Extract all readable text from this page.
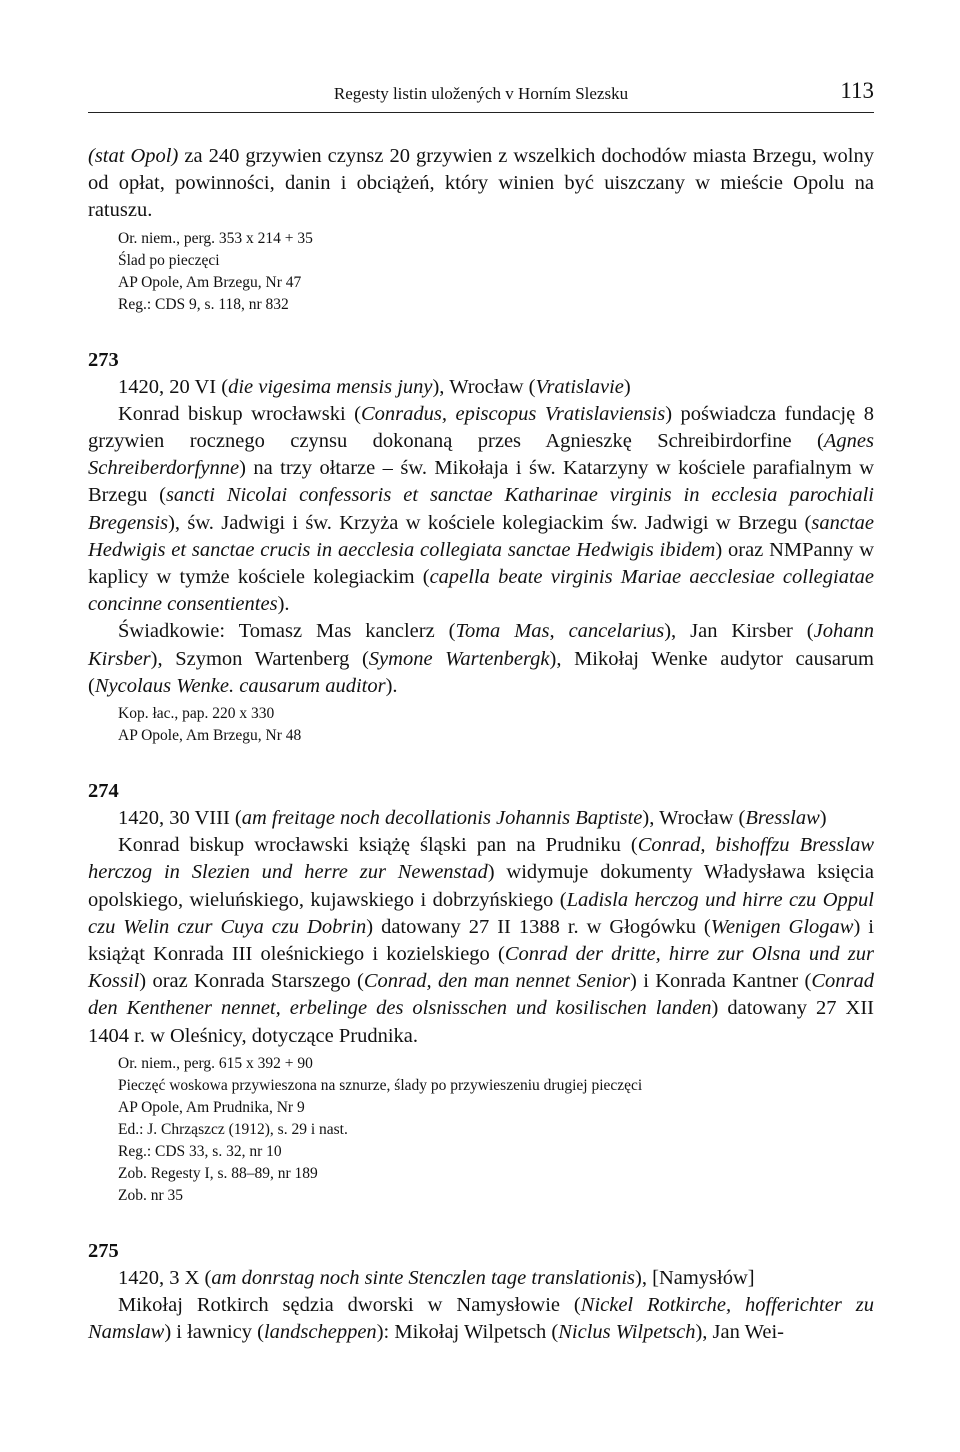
Regesty listin uložených v Horním Slezsku	113

(stat Opol) za 240 grzywien czynsz 20 grzywien z wszelkich dochodów miasta Brzegu, wolny od opłat, powinności, danin i obciążeń, który winien być uiszczany w mieście Opolu na ratuszu.

Or. niem., perg. 353 x 214 + 35

Ślad po pieczęci

AP Opole, Am Brzegu, Nr 47

Reg.: CDS 9, s. 118, nr 832

273

1420, 20 VI (die vigesima mensis juny), Wrocław (Vratislavie)

Konrad biskup wrocławski (Conradus, episcopus Vratislaviensis) poświadcza fundację 8 grzywien rocznego czynsu dokonaną przes Agnieszkę Schreibirdorfine (Agnes Schreiberdorfynne) na trzy ołtarze – św. Mikołaja i św. Katarzyny w kościele parafialnym w Brzegu (sancti Nicolai confessoris et sanctae Katharinae virginis in ecclesia parochiali Bregensis), św. Jadwigi i św. Krzyża w kościele kolegiackim św. Jadwigi w Brzegu (sanctae Hedwigis et sanctae crucis in aecclesia collegiata sanctae Hedwigis ibidem) oraz NMPanny w kaplicy w tymże kościele kolegiackim (capella beate virginis Mariae aecclesiae collegiatae concinne consentientes).

Świadkowie: Tomasz Mas kanclerz (Toma Mas, cancelarius), Jan Kirsber (Johann Kirsber), Szymon Wartenberg (Symone Wartenbergk), Mikołaj Wenke audytor causarum (Nycolaus Wenke. causarum auditor).

Kop. łac., pap. 220 x 330

AP Opole, Am Brzegu, Nr 48

274

1420, 30 VIII (am freitage noch decollationis Johannis Baptiste), Wrocław (Bresslaw)

Konrad biskup wrocławski książę śląski pan na Prudniku (Conrad, bishoffzu Bresslaw herczog in Slezien und herre zur Newenstad) widymuje dokumenty Władysława księcia opolskiego, wieluńskiego, kujawskiego i dobrzyńskiego (Ladisla herczog und hirre czu Oppul czu Welin czur Cuya czu Dobrin) datowany 27 II 1388 r. w Głogówku (Wenigen Glogaw) i książąt Konrada III oleśnickiego i kozielskiego (Conrad der dritte, hirre zur Olsna und zur Kossil) oraz Konrada Starszego (Conrad, den man nennet Senior) i Konrada Kantner (Conrad den Kenthener nennet, erbelinge des olsnisschen und kosilischen landen) datowany 27 XII 1404 r. w Oleśnicy, dotyczące Prudnika.

Or. niem., perg. 615 x 392 + 90

Pieczęć woskowa przywieszona na sznurze, ślady po przywieszeniu drugiej pieczęci

AP Opole, Am Prudnika, Nr 9

Ed.: J. Chrząszcz (1912), s. 29 i nast.

Reg.: CDS 33, s. 32, nr 10

Zob. Regesty I, s. 88–89, nr 189

Zob. nr 35

275

1420, 3 X (am donrstag noch sinte Stenczlen tage translationis), [Namysłów]

Mikołaj Rotkirch sędzia dworski w Namysłowie (Nickel Rotkirche, hofferichter zu Namslaw) i ławnicy (landscheppen): Mikołaj Wilpetsch (Niclus Wilpetsch), Jan Wei-
